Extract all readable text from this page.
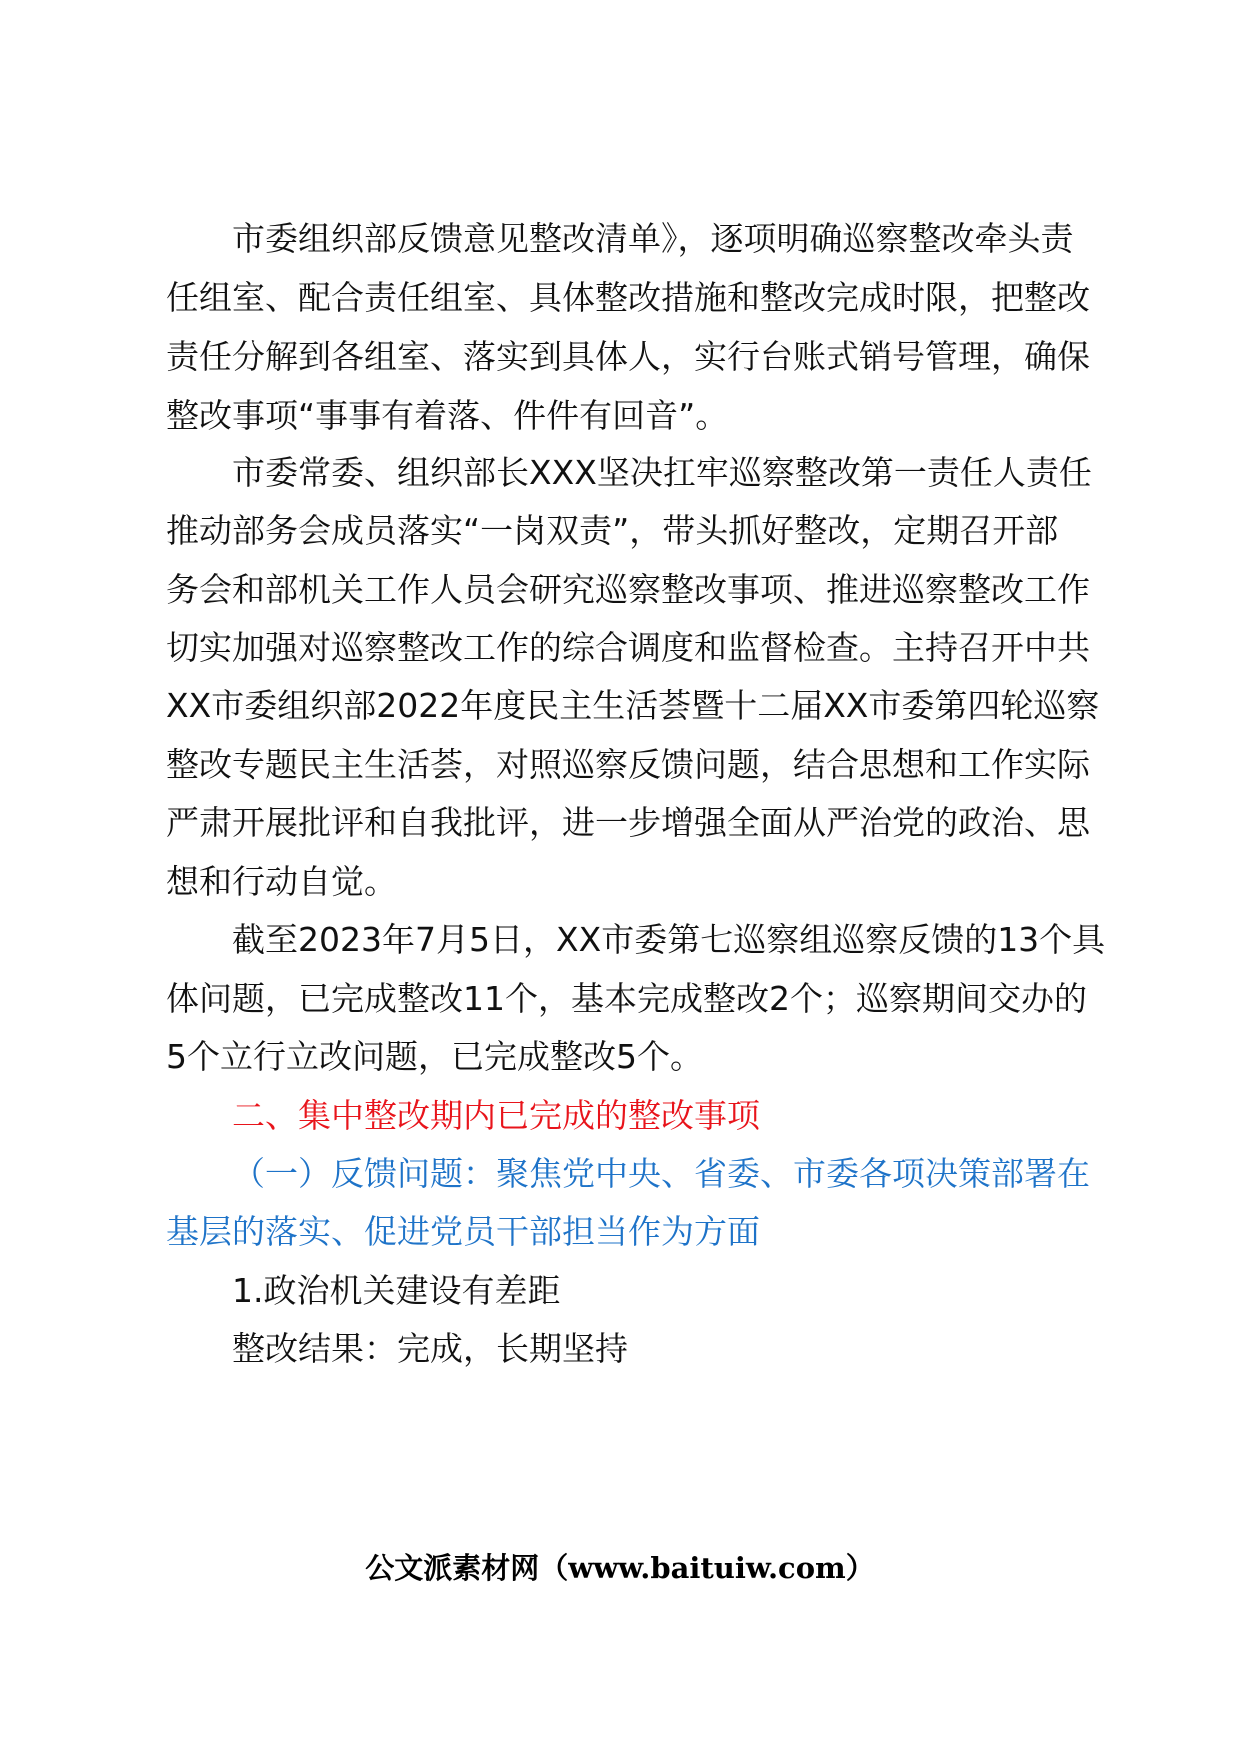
市委组织部反馈意见整改清单》，逐项明确巡察整改牵头责
任组室、配合责任组室、具体整改措施和整改完成时限，把整改
责任分解到各组室、落实到具体人，实行台账式销号管理，确保
整改事项“事事有着落、件件有回音”。
市委常委、组织部长XXX坚决扛牢巡察整改第一责任人责任
推动部务会成员落实“一岗双责”，带头抓好整改，定期召开部
务会和部机关工作人员会研究巡察整改事项、推进巡察整改工作
切实加强对巡察整改工作的综合调度和监督检查。主持召开中共
XX市委组织部2022年度民主生活荟暨十二届XX市委第四轮巡察
整改专题民主生活荟，对照巡察反馈问题，结合思想和工作实际
严肃开展批评和自我批评，进一步增强全面从严治党的政治、思
想和行动自觉。
截至2023年7月5日，XX市委第七巡察组巡察反馈的13个具
体问题，已完成整改11个，基本完成整改2个；巡察期间交办的
5个立行立改问题，已完成整改5个。
二、集中整改期内已完成的整改事项
（一）反馈问题：聚焦党中央、省委、市委各项决策部署在
基层的落实、促进党员干部担当作为方面
1.政治机关建设有差距
整改结果：完成，长期坚持
公文派素材网（www.baituiw.com）
